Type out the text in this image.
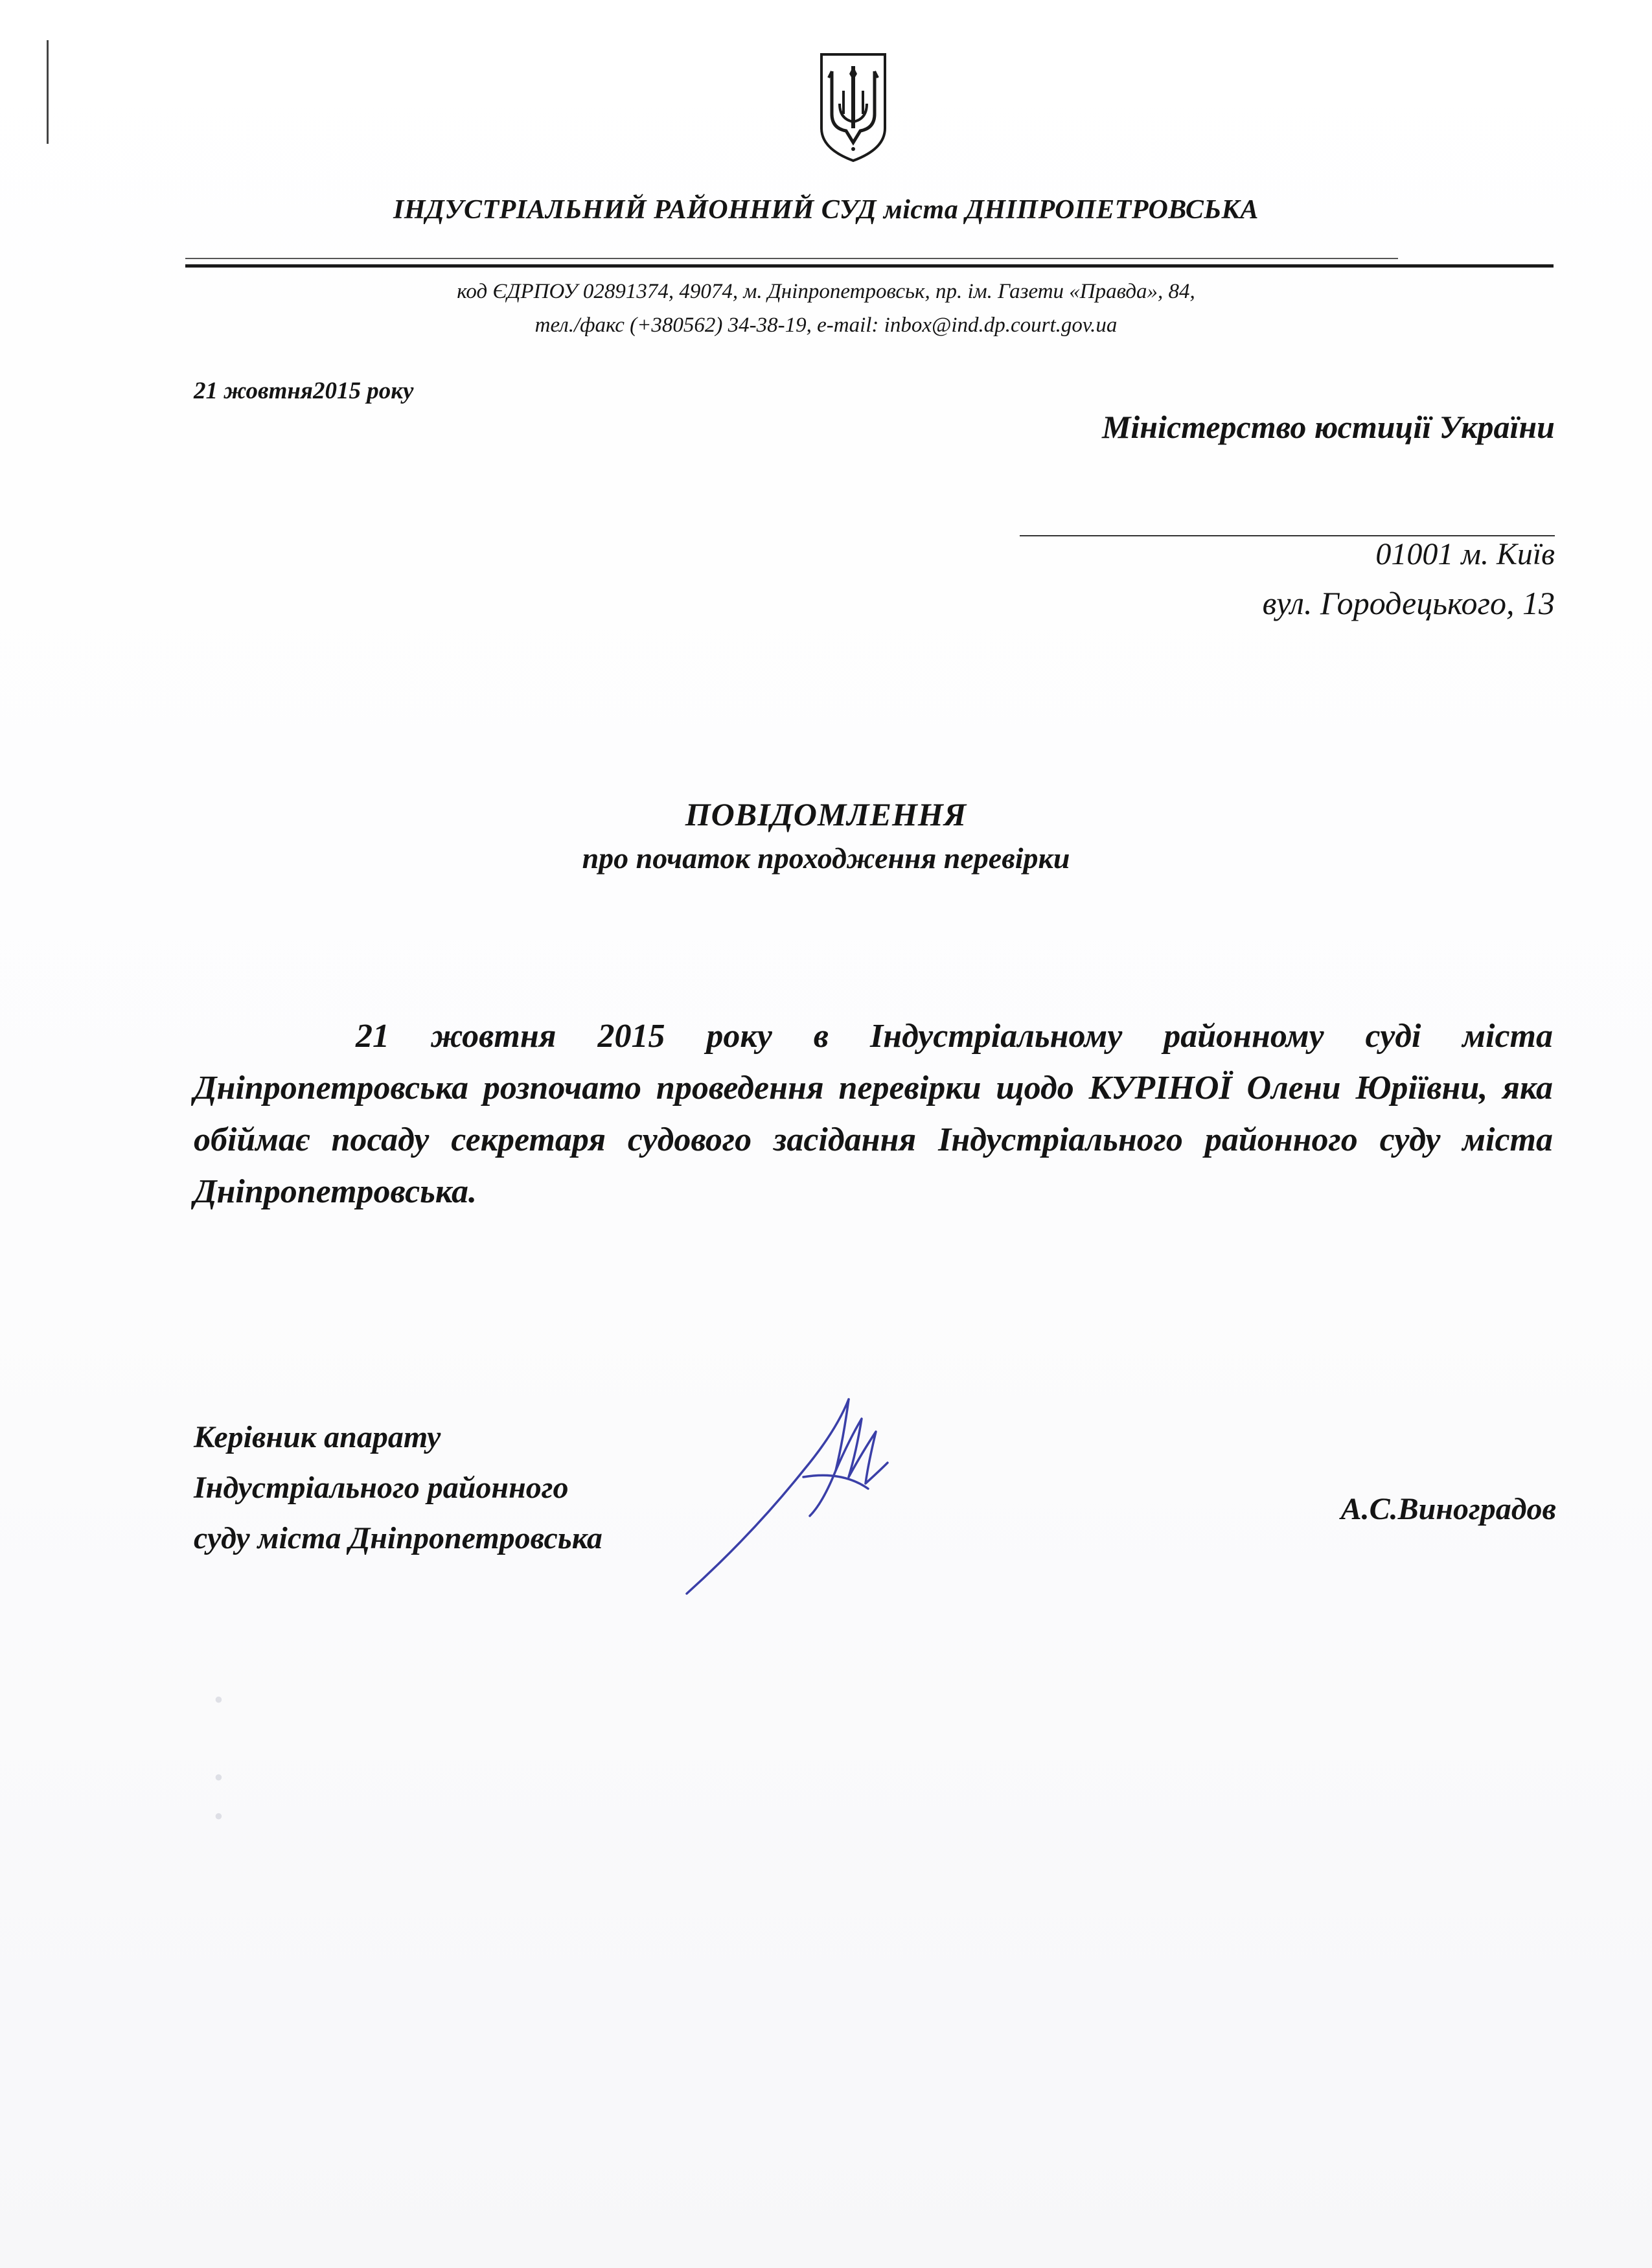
•
•
•
ІНДУСТРІАЛЬНИЙ РАЙОННИЙ СУД міста ДНІПРОПЕТРОВСЬКА
код ЄДРПОУ 02891374, 49074, м. Дніпропетровськ, пр. ім. Газети «Правда», 84,
тел./факс (+380562) 34-38-19, e-mail: inbox@ind.dp.court.gov.ua
21 жовтня2015 року
Міністерство юстиції України
01001 м. Київ
вул. Городецького, 13
ПОВІДОМЛЕННЯ
про початок проходження перевірки
21 жовтня 2015 року в Індустріальному районному суді міста Дніпропетровська розпочато проведення перевірки щодо КУРІНОЇ Олени Юріївни, яка обіймає посаду секретаря судового засідання Індустріального районного суду міста Дніпропетровська.
Керівник апарату
Індустріального районного
суду міста Дніпропетровська
А.С.Виноградов
